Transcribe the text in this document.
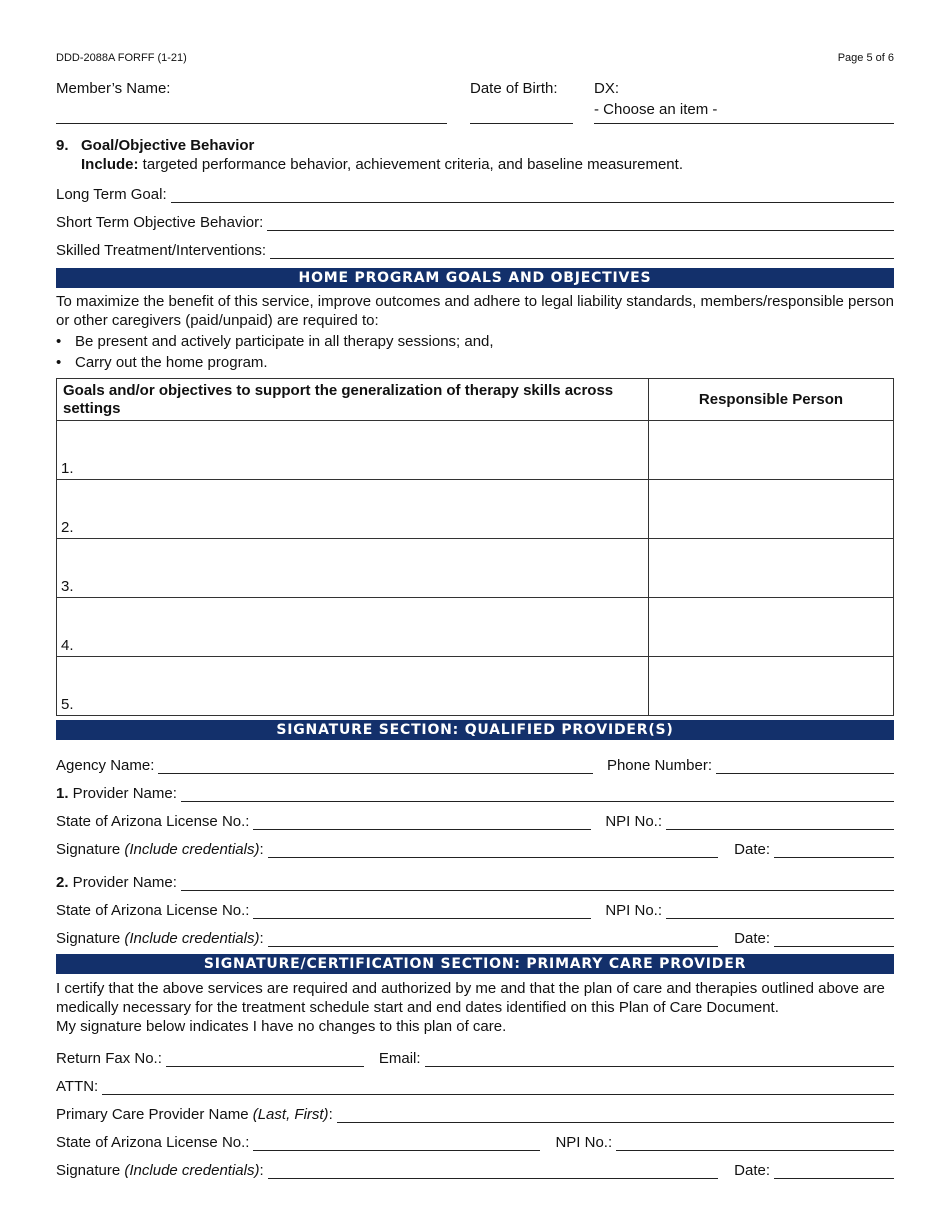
DDD-2088A FORFF (1-21)	Page 5 of 6
Member’s Name:	Date of Birth: DX:
- Choose an item -
9. Goal/Objective Behavior
Include: targeted performance behavior, achievement criteria, and baseline measurement.
Long Term Goal:
Short Term Objective Behavior:
Skilled Treatment/Interventions:
HOME PROGRAM GOALS AND OBJECTIVES
To maximize the benefit of this service, improve outcomes and adhere to legal liability standards, members/responsible person or other caregivers (paid/unpaid) are required to:
• Be present and actively participate in all therapy sessions; and,
• Carry out the home program.
Goals and/or objectives to support the generalization of therapy skills across settings	Responsible Person
1.	
2.	
3.	
4.	
5.	
SIGNATURE SECTION: QUALIFIED PROVIDER(S)
Agency Name:	Phone Number:
1. Provider Name:
State of Arizona License No.:	NPI No.:
Signature (Include credentials):	Date:
2. Provider Name:
State of Arizona License No.:	NPI No.:
Signature (Include credentials):	Date:
SIGNATURE/CERTIFICATION SECTION: PRIMARY CARE PROVIDER
I certify that the above services are required and authorized by me and that the plan of care and therapies outlined above are medically necessary for the treatment schedule start and end dates identified on this Plan of Care Document.
My signature below indicates I have no changes to this plan of care.
Return Fax No.:	Email:
ATTN:
Primary Care Provider Name (Last, First):
State of Arizona License No.:	NPI No.:
Signature (Include credentials):	Date:
